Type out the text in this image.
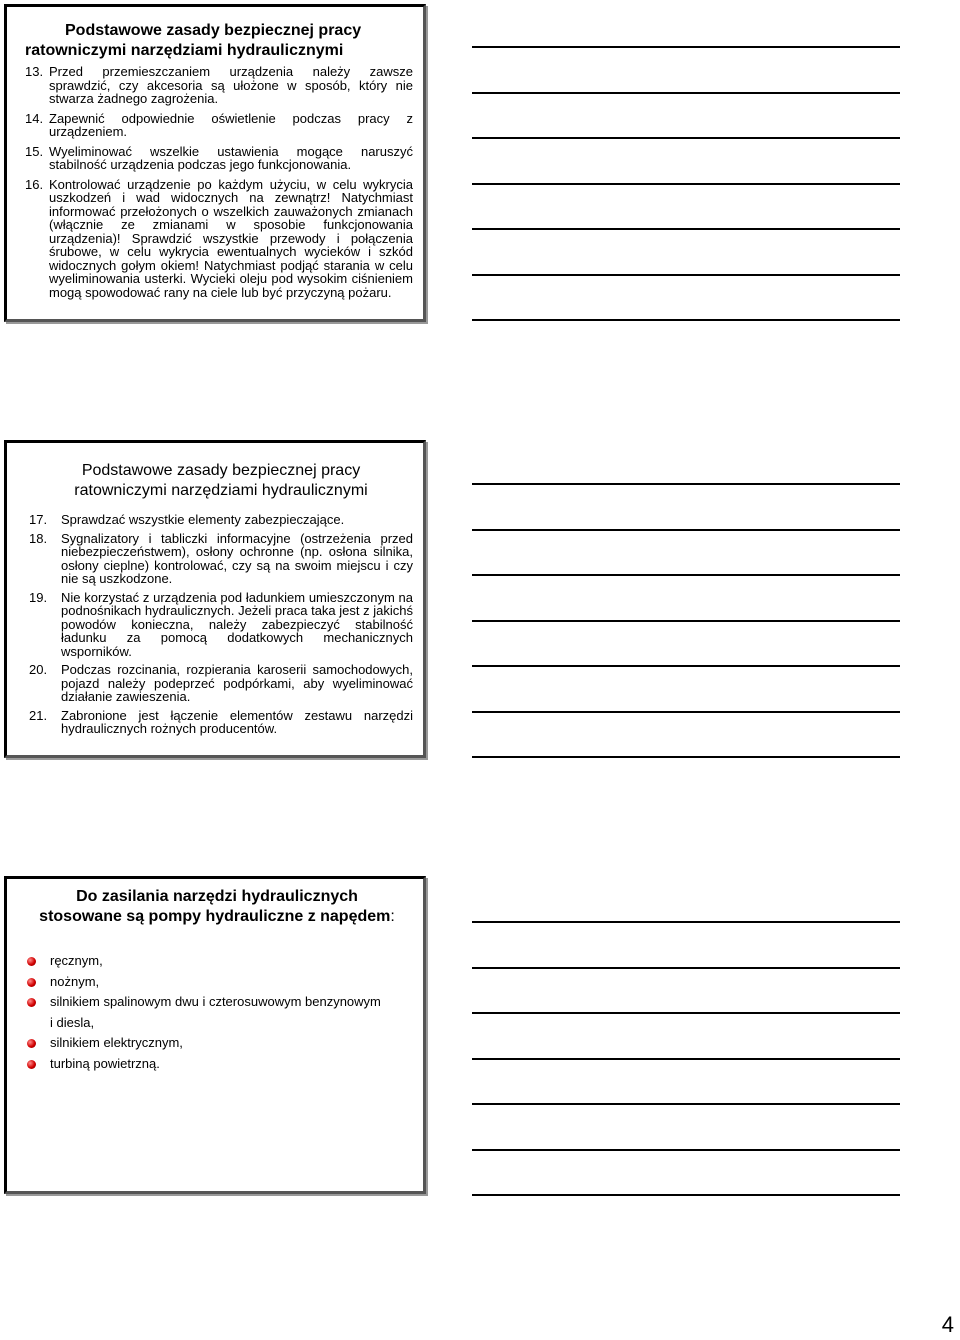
Podstawowe zasady bezpiecznej pracy
ratowniczymi narzędziami hydraulicznymi
13. Przed przemieszczaniem urządzenia należy zawsze sprawdzić, czy akcesoria są ułożone w sposób, który nie stwarza żadnego zagrożenia.
14. Zapewnić odpowiednie oświetlenie podczas pracy z urządzeniem.
15. Wyeliminować wszelkie ustawienia mogące naruszyć stabilność urządzenia podczas jego funkcjonowania.
16. Kontrolować urządzenie po każdym użyciu, w celu wykrycia uszkodzeń i wad widocznych na zewnątrz! Natychmiast informować przełożonych o wszelkich zauważonych zmianach (włącznie ze zmianami w sposobie funkcjonowania urządzenia)! Sprawdzić wszystkie przewody i połączenia śrubowe, w celu wykrycia ewentualnych wycieków i szkód widocznych gołym okiem! Natychmiast podjąć starania w celu wyeliminowania usterki. Wycieki oleju pod wysokim ciśnieniem mogą spowodować rany na ciele lub być przyczyną pożaru.
Podstawowe zasady bezpiecznej pracy
ratowniczymi narzędziami hydraulicznymi
17.	Sprawdzać wszystkie elementy zabezpieczające.
18.	Sygnalizatory i tabliczki informacyjne (ostrzeżenia przed niebezpieczeństwem), osłony ochronne (np. osłona silnika, osłony cieplne) kontrolować, czy są na swoim miejscu i czy nie są uszkodzone.
19.	Nie korzystać z urządzenia pod ładunkiem umieszczonym na podnośnikach hydraulicznych. Jeżeli praca taka jest z jakichś powodów konieczna, należy zabezpieczyć stabilność ładunku za pomocą dodatkowych mechanicznych wsporników.
20.	Podczas rozcinania, rozpierania karoserii samochodowych, pojazd należy podeprzeć podpórkami, aby wyeliminować działanie zawieszenia.
21.	Zabronione jest łączenie elementów zestawu narzędzi hydraulicznych rożnych producentów.
Do zasilania narzędzi hydraulicznych
stosowane są pompy hydrauliczne z napędem:
ręcznym,
nożnym,
silnikiem spalinowym dwu i czterosuwowym benzynowym
i diesla,
silnikiem elektrycznym,
turbiną powietrzną.
4
